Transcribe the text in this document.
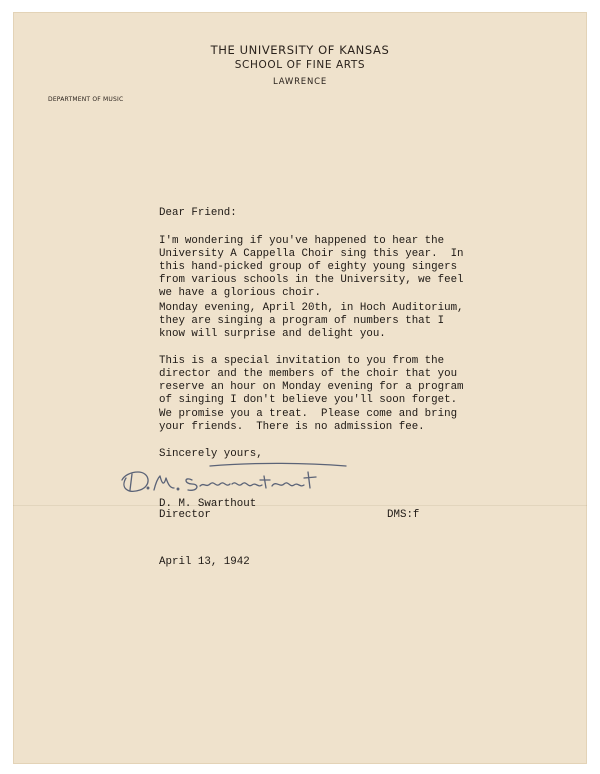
THE UNIVERSITY OF KANSAS

SCHOOL OF FINE ARTS

LAWRENCE

DEPARTMENT OF MUSIC

Dear Friend:

I'm wondering if you've happened to hear the
University A Cappella Choir sing this year.  In
this hand-picked group of eighty young singers
from various schools in the University, we feel
we have a glorious choir.

Monday evening, April 20th, in Hoch Auditorium,
they are singing a program of numbers that I
know will surprise and delight you.

This is a special invitation to you from the
director and the members of the choir that you
reserve an hour on Monday evening for a program
of singing I don't believe you'll soon forget.

We promise you a treat.  Please come and bring
your friends.  There is no admission fee.

Sincerely yours,

D. M. Swarthout

Director	DMS:f

April 13, 1942
